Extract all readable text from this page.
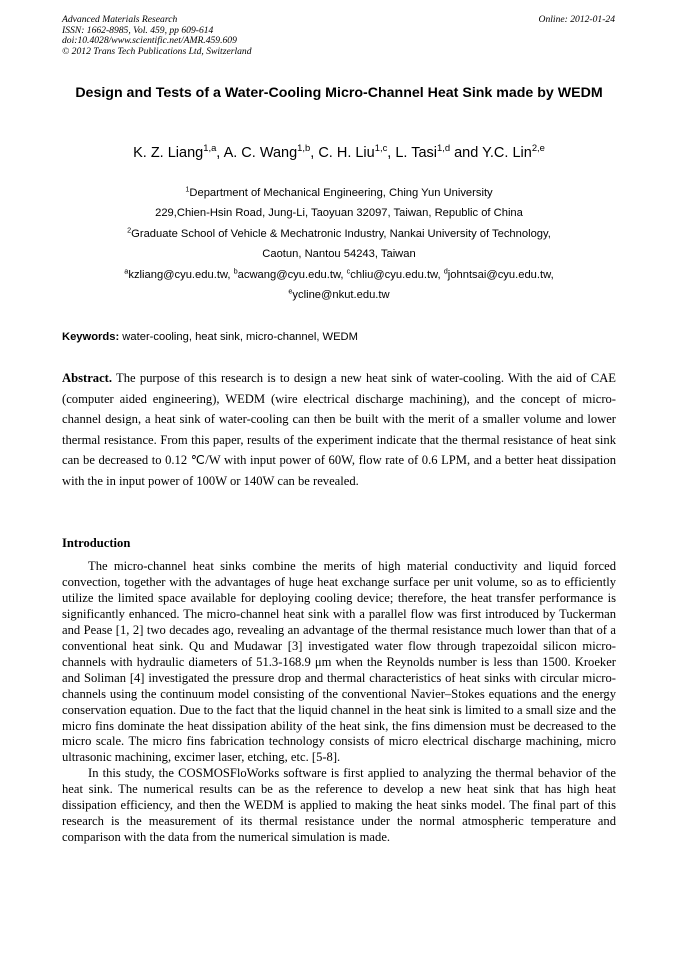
Advanced Materials Research
ISSN: 1662-8985, Vol. 459, pp 609-614
doi:10.4028/www.scientific.net/AMR.459.609
© 2012 Trans Tech Publications Ltd, Switzerland
Online: 2012-01-24
Design and Tests of a Water-Cooling Micro-Channel Heat Sink made by WEDM
K. Z. Liang$^{1,a}$, A. C. Wang$^{1,b}$, C. H. Liu$^{1,c}$, L. Tasi$^{1,d}$ and Y.C. Lin$^{2,e}$
$^1$Department of Mechanical Engineering, Ching Yun University
229,Chien-Hsin Road, Jung-Li, Taoyuan 32097, Taiwan, Republic of China
$^2$Graduate School of Vehicle & Mechatronic Industry, Nankai University of Technology,
Caotun, Nantou 54243, Taiwan
$^a$kzliang@cyu.edu.tw, $^b$acwang@cyu.edu.tw, $^c$chliu@cyu.edu.tw, $^d$johntsai@cyu.edu.tw,
$^e$ycline@nkut.edu.tw
Keywords: water-cooling, heat sink, micro-channel, WEDM
Abstract. The purpose of this research is to design a new heat sink of water-cooling. With the aid of CAE (computer aided engineering), WEDM (wire electrical discharge machining), and the concept of micro-channel design, a heat sink of water-cooling can then be built with the merit of a smaller volume and lower thermal resistance. From this paper, results of the experiment indicate that the thermal resistance of heat sink can be decreased to 0.12 ℃/W with input power of 60W, flow rate of 0.6 LPM, and a better heat dissipation with the in input power of 100W or 140W can be revealed.
Introduction

The micro-channel heat sinks combine the merits of high material conductivity and liquid forced convection, together with the advantages of huge heat exchange surface per unit volume, so as to efficiently utilize the limited space available for deploying cooling device; therefore, the heat transfer performance is significantly enhanced. The micro-channel heat sink with a parallel flow was first introduced by Tuckerman and Pease [1, 2] two decades ago, revealing an advantage of the thermal resistance much lower than that of a conventional heat sink. Qu and Mudawar [3] investigated water flow through trapezoidal silicon micro-channels with hydraulic diameters of 51.3-168.9 μm when the Reynolds number is less than 1500. Kroeker and Soliman [4] investigated the pressure drop and thermal characteristics of heat sinks with circular micro-channels using the continuum model consisting of the conventional Navier–Stokes equations and the energy conservation equation. Due to the fact that the liquid channel in the heat sink is limited to a small size and the micro fins dominate the heat dissipation ability of the heat sink, the fins dimension must be decreased to the micro scale. The micro fins fabrication technology consists of micro electrical discharge machining, micro ultrasonic machining, excimer laser, etching, etc. [5-8].

In this study, the COSMOSFloWorks software is first applied to analyzing the thermal behavior of the heat sink. The numerical results can be as the reference to develop a new heat sink that has high heat dissipation efficiency, and then the WEDM is applied to making the heat sinks model. The final part of this research is the measurement of its thermal resistance under the normal atmospheric temperature and comparison with the data from the numerical simulation is made.
